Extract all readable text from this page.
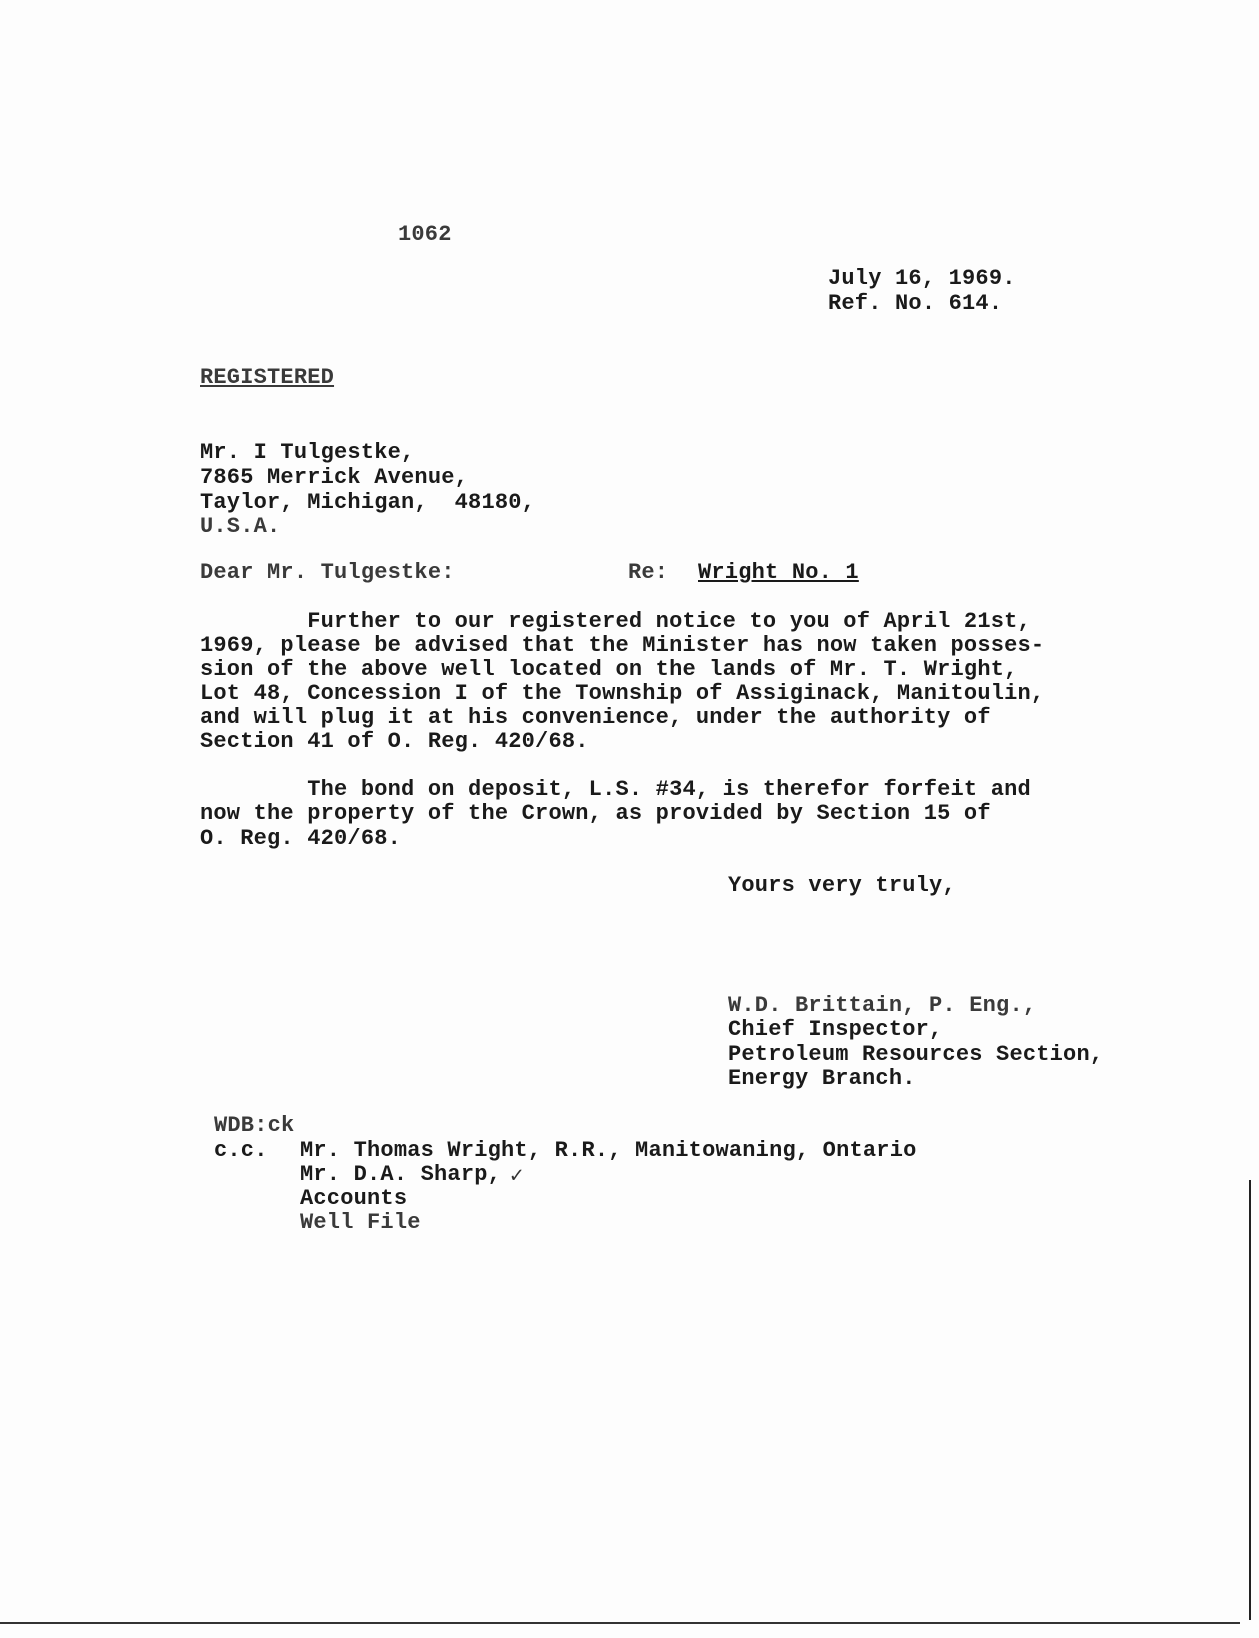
1062
July 16, 1969.
Ref. No. 614.
REGISTERED
Mr. I Tulgestke,
7865 Merrick Avenue,
Taylor, Michigan,  48180,
U.S.A.
Dear Mr. Tulgestke:	Re: Wright No. 1
Further to our registered notice to you of April 21st,
1969, please be advised that the Minister has now taken posses-
sion of the above well located on the lands of Mr. T. Wright,
Lot 48, Concession I of the Township of Assiginack, Manitoulin,
and will plug it at his convenience, under the authority of
Section 41 of O. Reg. 420/68.
The bond on deposit, L.S. #34, is therefor forfeit and
now the property of the Crown, as provided by Section 15 of
O. Reg. 420/68.
Yours very truly,
W.D. Brittain, P. Eng.,
Chief Inspector,
Petroleum Resources Section,
Energy Branch.
WDB:ck
c.c. Mr. Thomas Wright, R.R., Manitowaning, Ontario
Mr. D.A. Sharp,
Accounts
Well File
✓
